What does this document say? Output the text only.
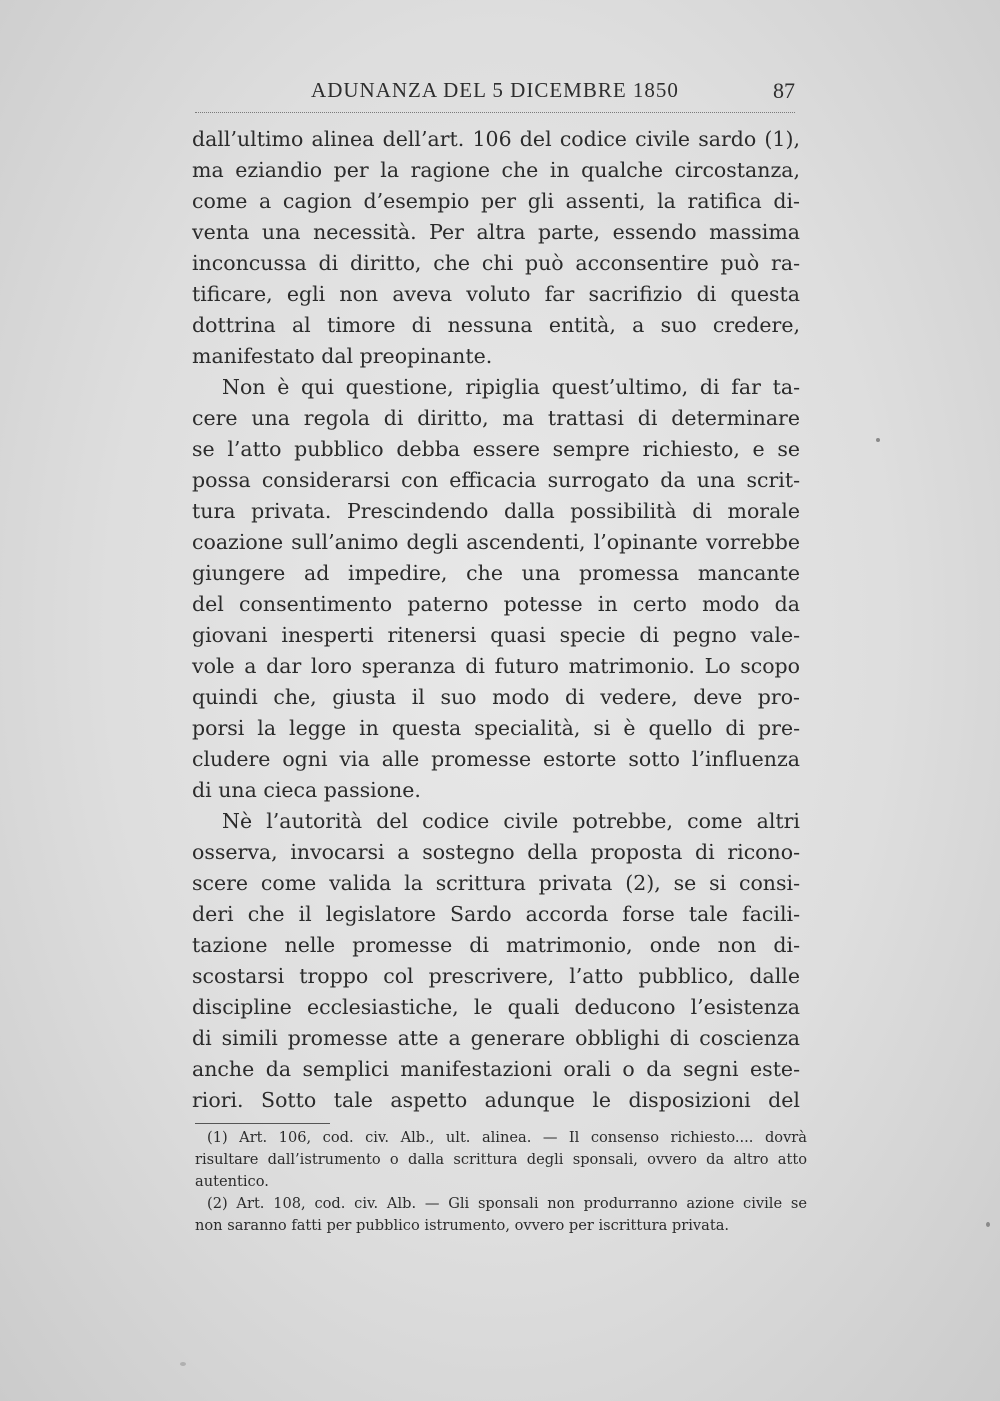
ADUNANZA DEL 5 DICEMBRE 1850	87
dall’ultimo alinea dell’art. 106 del codice civile sardo (1),
ma eziandio per la ragione che in qualche circostanza,
come a cagion d’esempio per gli assenti, la ratifica di-
venta una necessità. Per altra parte, essendo massima
inconcussa di diritto, che chi può acconsentire può ra-
tificare, egli non aveva voluto far sacrifizio di questa
dottrina al timore di nessuna entità, a suo credere,
manifestato dal preopinante.
Non è qui questione, ripiglia quest’ultimo, di far ta-
cere una regola di diritto, ma trattasi di determinare
se l’atto pubblico debba essere sempre richiesto, e se
possa considerarsi con efficacia surrogato da una scrit-
tura privata. Prescindendo dalla possibilità di morale
coazione sull’animo degli ascendenti, l’opinante vorrebbe
giungere ad impedire, che una promessa mancante
del consentimento paterno potesse in certo modo da
giovani inesperti ritenersi quasi specie di pegno vale-
vole a dar loro speranza di futuro matrimonio. Lo scopo
quindi che, giusta il suo modo di vedere, deve pro-
porsi la legge in questa specialità, si è quello di pre-
cludere ogni via alle promesse estorte sotto l’influenza
di una cieca passione.
Nè l’autorità del codice civile potrebbe, come altri
osserva, invocarsi a sostegno della proposta di ricono-
scere come valida la scrittura privata (2), se si consi-
deri che il legislatore Sardo accorda forse tale facili-
tazione nelle promesse di matrimonio, onde non di-
scostarsi troppo col prescrivere, l’atto pubblico, dalle
discipline ecclesiastiche, le quali deducono l’esistenza
di simili promesse atte a generare obblighi di coscienza
anche da semplici manifestazioni orali o da segni este-
riori. Sotto tale aspetto adunque le disposizioni del
(1) Art. 106, cod. civ. Alb., ult. alinea. — Il consenso richiesto.... dovrà
risultare dall’istrumento o dalla scrittura degli sponsali, ovvero da altro atto
autentico.
(2) Art. 108, cod. civ. Alb. — Gli sponsali non produrranno azione civile se
non saranno fatti per pubblico istrumento, ovvero per iscrittura privata.
